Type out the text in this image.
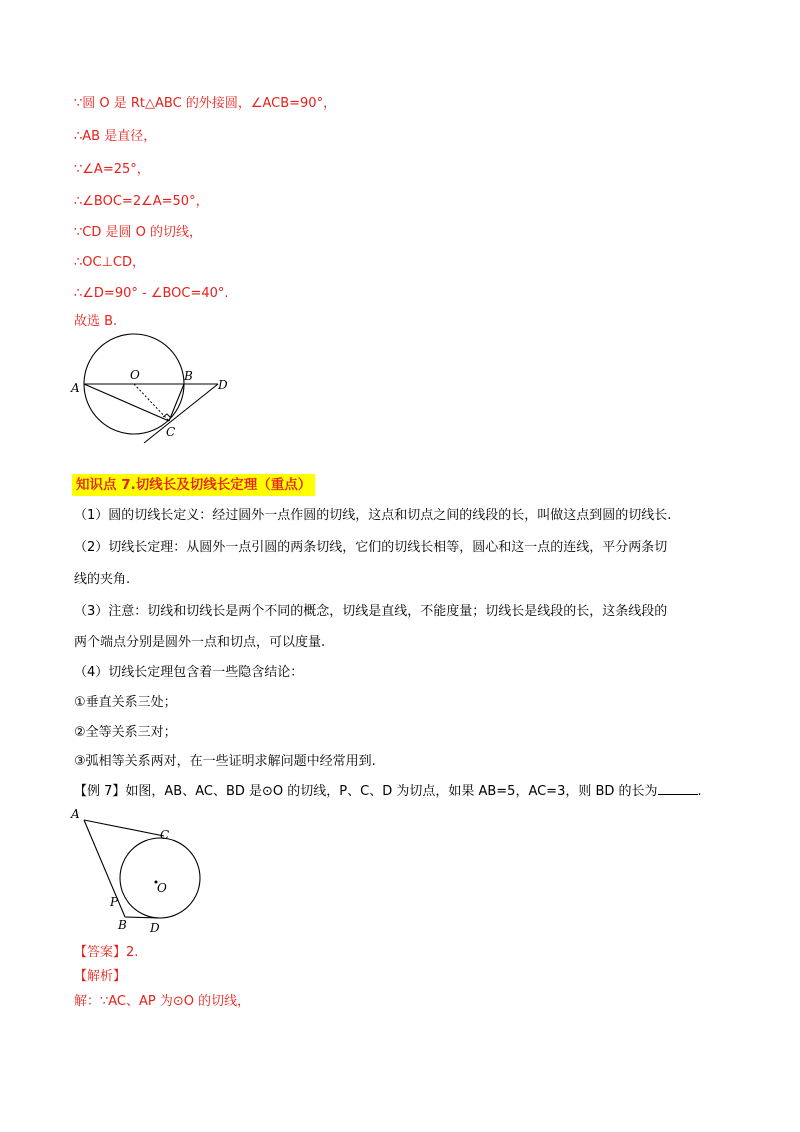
∵圆 O 是 Rt△ABC 的外接圆，∠ACB=90°，
∴AB 是直径，
∵∠A=25°，
∴∠BOC=2∠A=50°，
∵CD 是圆 O 的切线，
∴OC⊥CD，
∴∠D=90° - ∠BOC=40°.
故选 B.
A
O	B
D
C
知识点 7.切线长及切线长定理（重点）
（1）圆的切线长定义：经过圆外一点作圆的切线，这点和切点之间的线段的长，叫做这点到圆的切线长.
（2）切线长定理：从圆外一点引圆的两条切线，它们的切线长相等，圆心和这一点的连线，平分两条切
线的夹角.
（3）注意：切线和切线长是两个不同的概念，切线是直线，不能度量；切线长是线段的长，这条线段的
两个端点分别是圆外一点和切点，可以度量.
（4）切线长定理包含着一些隐含结论：
①垂直关系三处；
②全等关系三对；
③弧相等关系两对，在一些证明求解问题中经常用到.
【例 7】如图，AB、AC、BD 是⊙O 的切线，P、C、D 为切点，如果 AB=5，AC=3，则 BD 的长为	.
A
C
O
P
B D
【答案】2.
【解析】
解：∵AC、AP 为⊙O 的切线，
